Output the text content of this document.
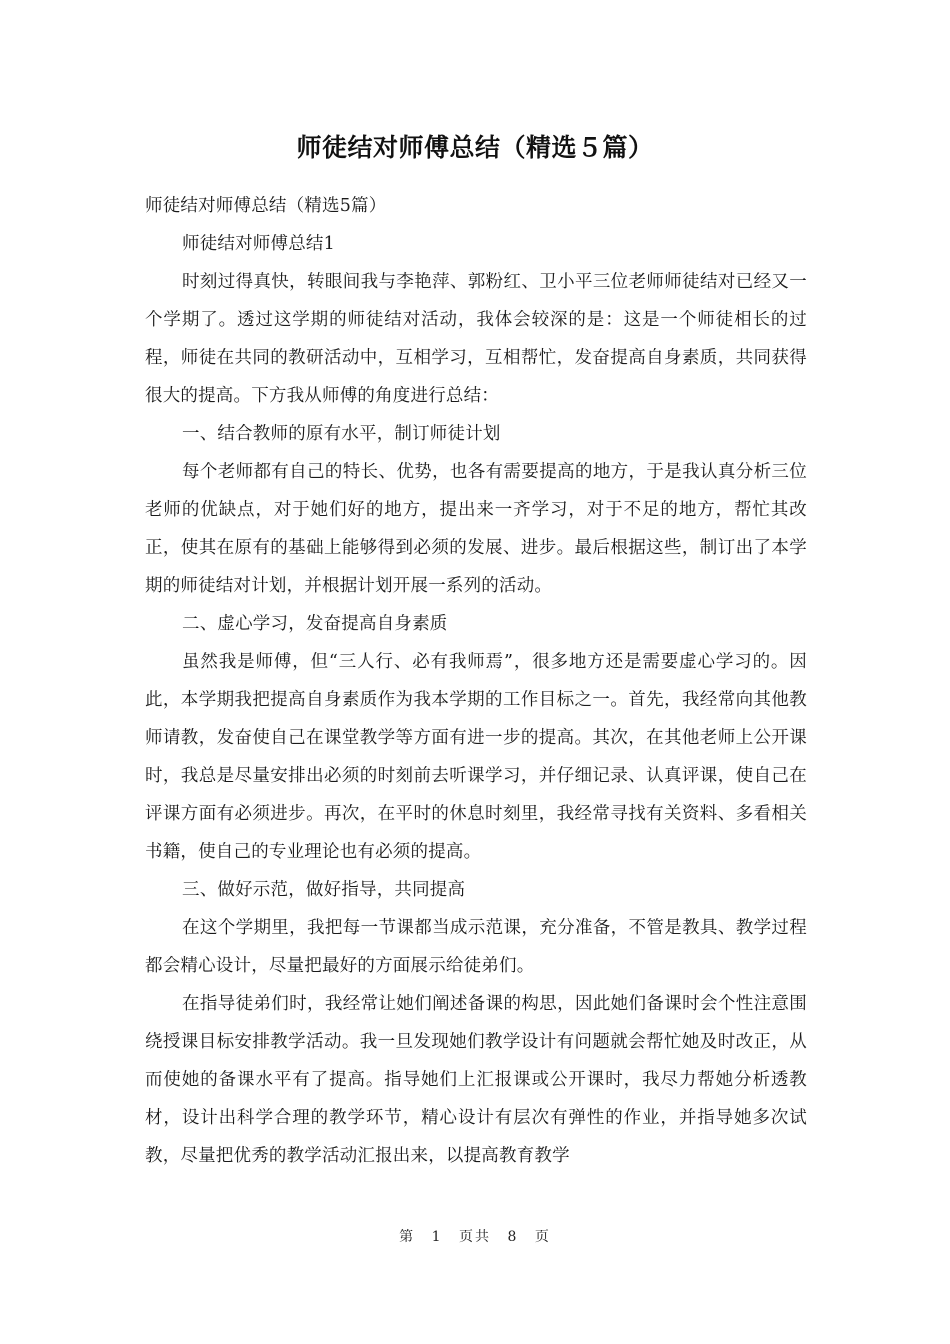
师徒结对师傅总结（精选５篇）

师徒结对师傅总结（精选5篇）

师徒结对师傅总结1

时刻过得真快，转眼间我与李艳萍、郭粉红、卫小平三位老师师徒结对已经又一个学期了。透过这学期的师徒结对活动，我体会较深的是：这是一个师徒相长的过程，师徒在共同的教研活动中，互相学习，互相帮忙，发奋提高自身素质，共同获得很大的提高。下方我从师傅的角度进行总结：

一、结合教师的原有水平，制订师徒计划

每个老师都有自己的特长、优势，也各有需要提高的地方，于是我认真分析三位老师的优缺点，对于她们好的地方，提出来一齐学习，对于不足的地方，帮忙其改正，使其在原有的基础上能够得到必须的发展、进步。最后根据这些，制订出了本学期的师徒结对计划，并根据计划开展一系列的活动。

二、虚心学习，发奋提高自身素质

虽然我是师傅，但“三人行、必有我师焉”，很多地方还是需要虚心学习的。因此，本学期我把提高自身素质作为我本学期的工作目标之一。首先，我经常向其他教师请教，发奋使自己在课堂教学等方面有进一步的提高。其次，在其他老师上公开课时，我总是尽量安排出必须的时刻前去听课学习，并仔细记录、认真评课，使自己在评课方面有必须进步。再次，在平时的休息时刻里，我经常寻找有关资料、多看相关书籍，使自己的专业理论也有必须的提高。

三、做好示范，做好指导，共同提高

在这个学期里，我把每一节课都当成示范课，充分准备，不管是教具、教学过程都会精心设计，尽量把最好的方面展示给徒弟们。

在指导徒弟们时，我经常让她们阐述备课的构思，因此她们备课时会个性注意围绕授课目标安排教学活动。我一旦发现她们教学设计有问题就会帮忙她及时改正，从而使她的备课水平有了提高。指导她们上汇报课或公开课时，我尽力帮她分析透教材，设计出科学合理的教学环节，精心设计有层次有弹性的作业，并指导她多次试教，尽量把优秀的教学活动汇报出来，以提高教育教学

第 1 页共 8 页
